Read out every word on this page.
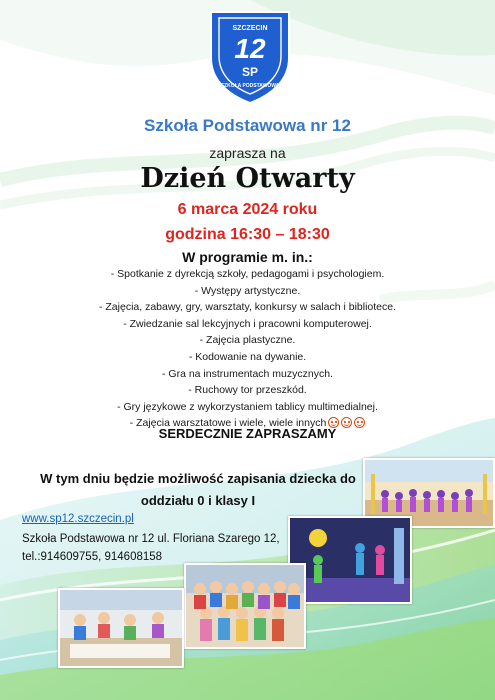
SZCZECIN
12
SP
SZKOŁA PODSTAWOWA
Szkoła Podstawowa nr 12
zaprasza na
Dzień Otwarty
6 marca 2024 roku
godzina 16:30 – 18:30
W programie m. in.:
- Spotkanie z dyrekcją szkoły, pedagogami i psychologiem.
- Występy artystyczne.
- Zajęcia, zabawy, gry, warsztaty, konkursy w salach i bibliotece.
- Zwiedzanie sal lekcyjnych i pracowni komputerowej.
- Zajęcia plastyczne.
- Kodowanie na dywanie.
- Gra na instrumentach muzycznych.
- Ruchowy tor przeszkód.
- Gry językowe z wykorzystaniem tablicy multimedialnej.
- Zajęcia warsztatowe i wiele, wiele innych
SERDECZNIE ZAPRASZAMY
W tym dniu będzie możliwość zapisania dziecka do
oddziału 0 i klasy I
www.sp12.szczecin.pl
Szkoła Podstawowa nr 12 ul. Floriana Szarego 12,
tel.:914609755, 914608158
